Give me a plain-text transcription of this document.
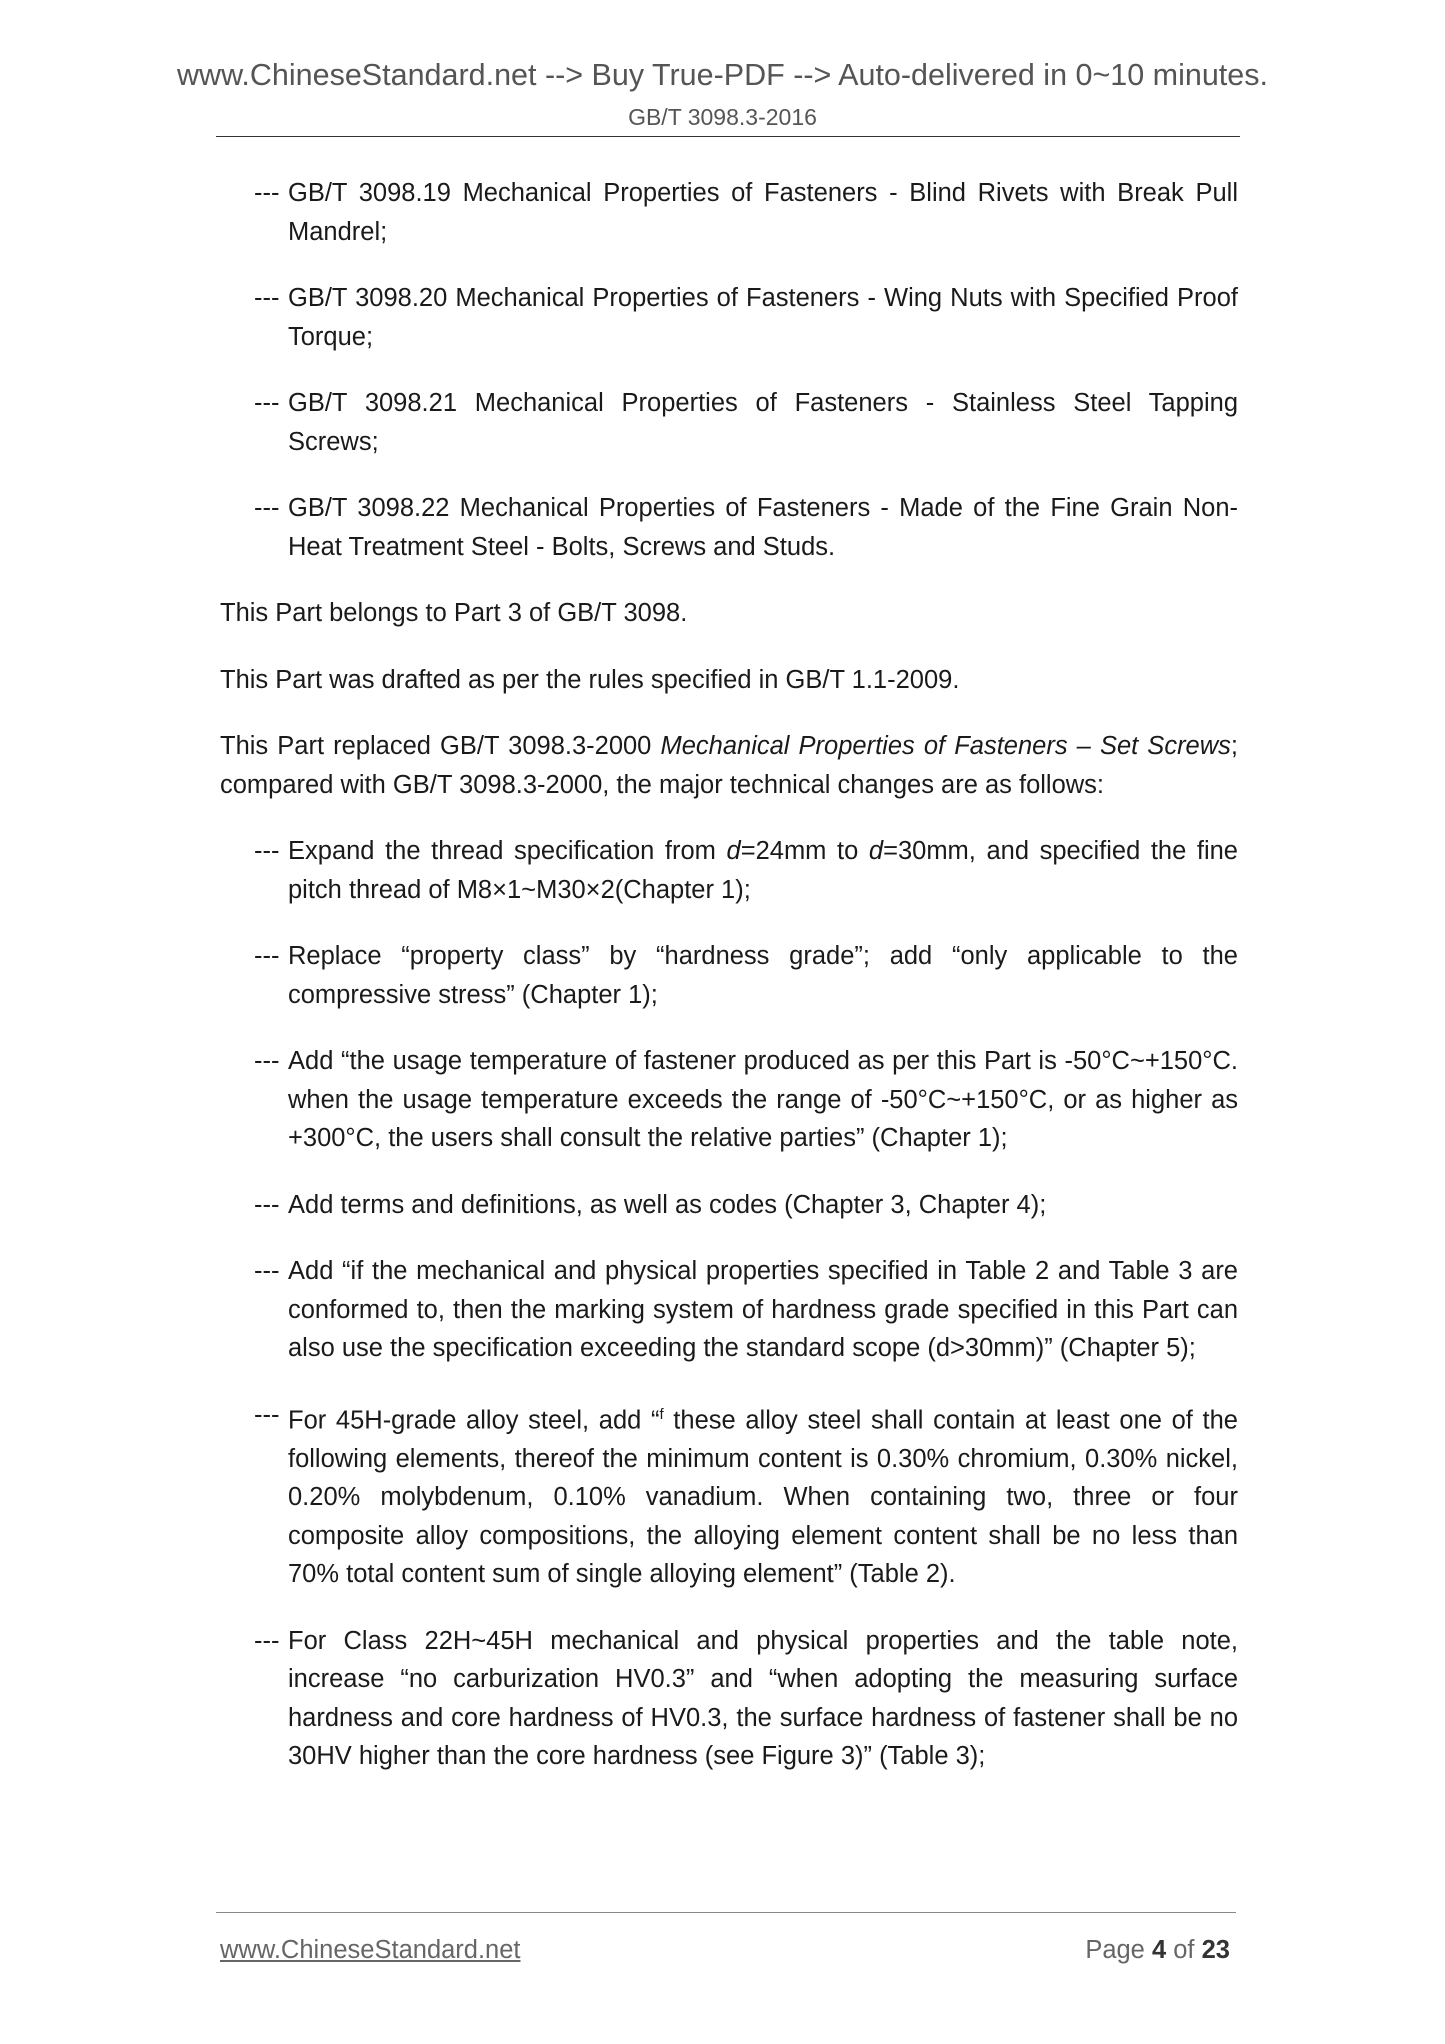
www.ChineseStandard.net --> Buy True-PDF --> Auto-delivered in 0~10 minutes.
GB/T 3098.3-2016
--- GB/T 3098.19 Mechanical Properties of Fasteners - Blind Rivets with Break Pull Mandrel;
--- GB/T 3098.20 Mechanical Properties of Fasteners - Wing Nuts with Specified Proof Torque;
--- GB/T 3098.21 Mechanical Properties of Fasteners - Stainless Steel Tapping Screws;
--- GB/T 3098.22 Mechanical Properties of Fasteners - Made of the Fine Grain Non-Heat Treatment Steel - Bolts, Screws and Studs.
This Part belongs to Part 3 of GB/T 3098.
This Part was drafted as per the rules specified in GB/T 1.1-2009.
This Part replaced GB/T 3098.3-2000 Mechanical Properties of Fasteners – Set Screws; compared with GB/T 3098.3-2000, the major technical changes are as follows:
--- Expand the thread specification from d=24mm to d=30mm, and specified the fine pitch thread of M8×1~M30×2(Chapter 1);
--- Replace “property class” by “hardness grade”; add “only applicable to the compressive stress” (Chapter 1);
--- Add “the usage temperature of fastener produced as per this Part is -50°C~+150°C. when the usage temperature exceeds the range of -50°C~+150°C, or as higher as +300°C, the users shall consult the relative parties” (Chapter 1);
--- Add terms and definitions, as well as codes (Chapter 3, Chapter 4);
--- Add “if the mechanical and physical properties specified in Table 2 and Table 3 are conformed to, then the marking system of hardness grade specified in this Part can also use the specification exceeding the standard scope (d>30mm)” (Chapter 5);
--- For 45H-grade alloy steel, add “$^f$ these alloy steel shall contain at least one of the following elements, thereof the minimum content is 0.30% chromium, 0.30% nickel, 0.20% molybdenum, 0.10% vanadium. When containing two, three or four composite alloy compositions, the alloying element content shall be no less than 70% total content sum of single alloying element” (Table 2).
--- For Class 22H~45H mechanical and physical properties and the table note, increase “no carburization HV0.3” and “when adopting the measuring surface hardness and core hardness of HV0.3, the surface hardness of fastener shall be no 30HV higher than the core hardness (see Figure 3)” (Table 3);
www.ChineseStandard.net	Page 4 of 23
